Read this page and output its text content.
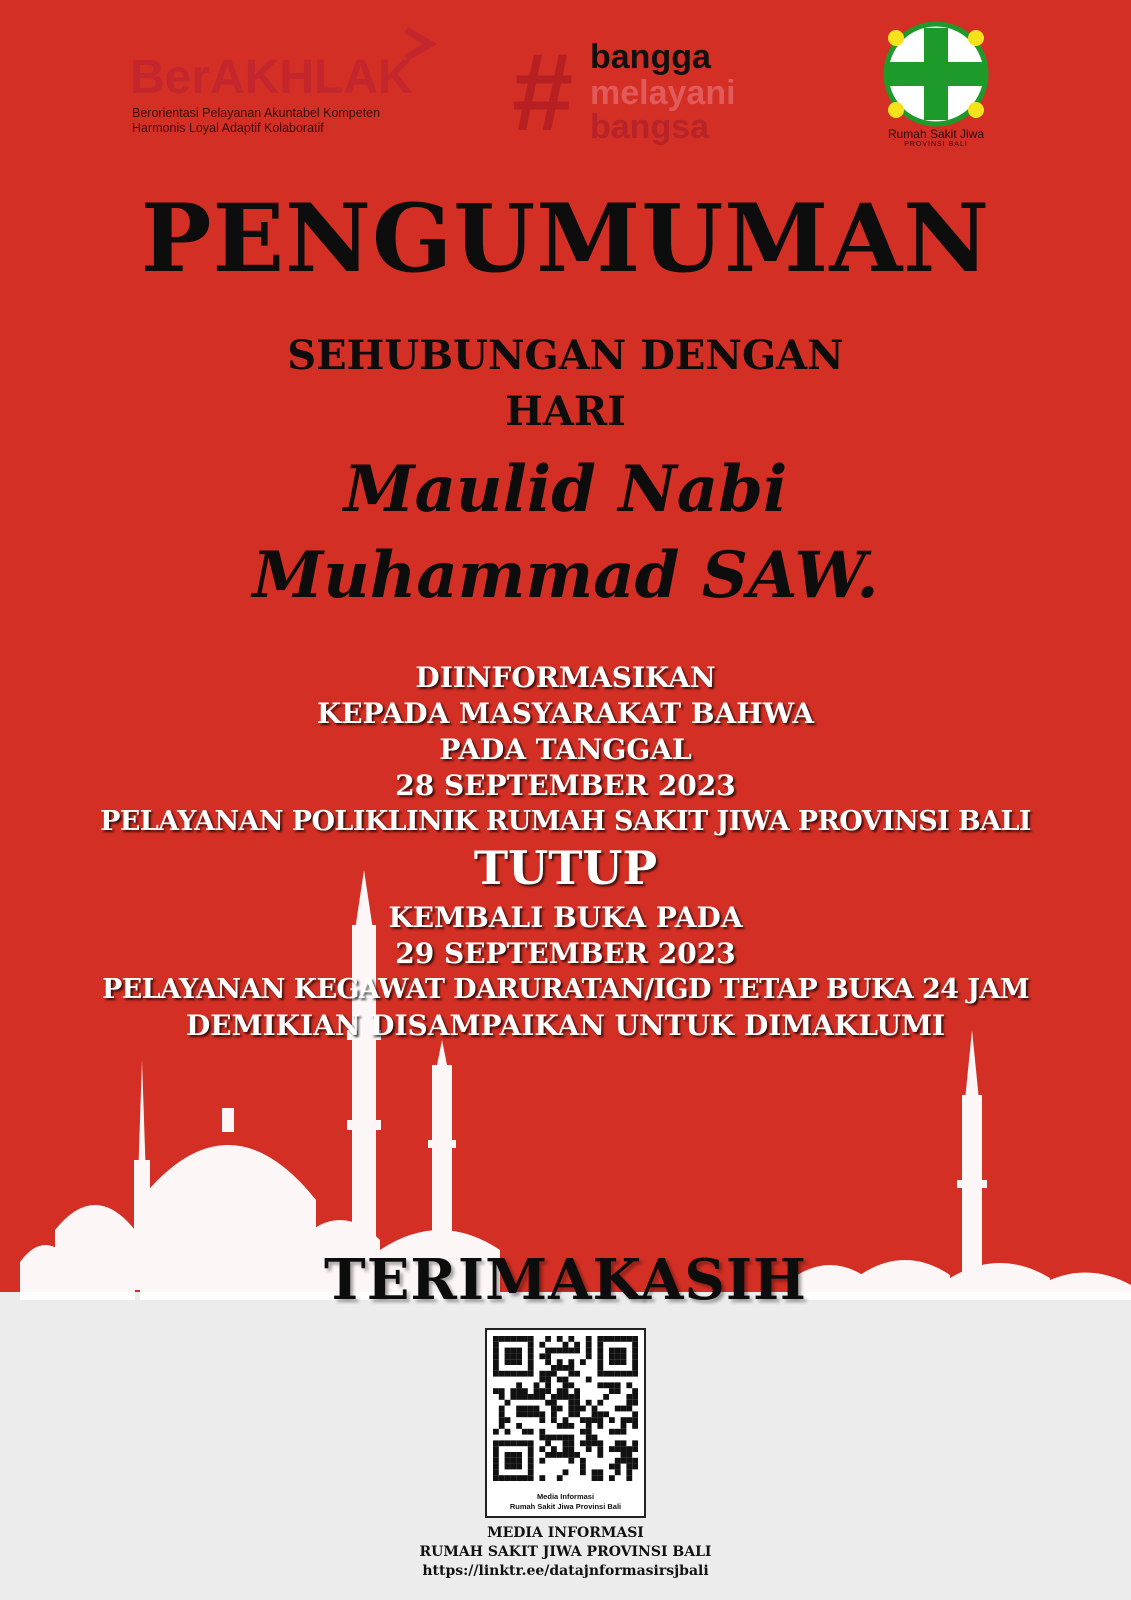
BerAKHLAK
Berorientasi Pelayanan Akuntabel Kompeten
Harmonis Loyal Adaptif Kolaboratif # bangga
melayani
bangsa	Rumah Sakit Jiwa
PROVINSI BALI
PENGUMUMAN
SEHUBUNGAN DENGAN
HARI
Maulid Nabi
Muhammad SAW.
DIINFORMASIKAN
KEPADA MASYARAKAT BAHWA
PADA TANGGAL
28 SEPTEMBER 2023
PELAYANAN POLIKLINIK RUMAH SAKIT JIWA PROVINSI BALI
TUTUP
KEMBALI BUKA PADA
29 SEPTEMBER 2023
PELAYANAN KEGAWAT DARURATAN/IGD TETAP BUKA 24 JAM
DEMIKIAN DISAMPAIKAN UNTUK DIMAKLUMI
TERIMAKASIH
Media Informasi
Rumah Sakit Jiwa Provinsi Bali
MEDIA INFORMASI
RUMAH SAKIT JIWA PROVINSI BALI
https://linktr.ee/datajnformasirsjbali
